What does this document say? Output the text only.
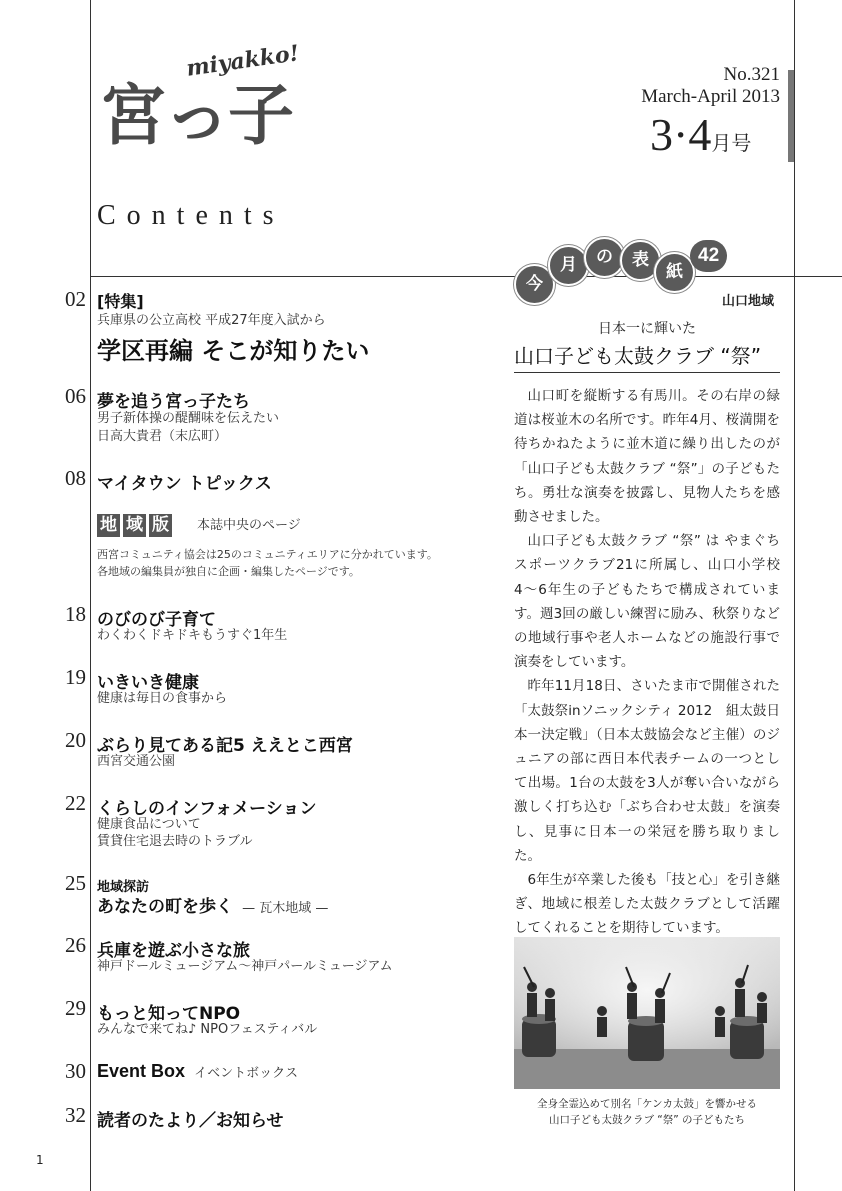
miyakko!
宮っ子
No.321
March-April 2013
3·4月号
Contents
02 [特集]
兵庫県の公立高校 平成27年度入試から
学区再編 そこが知りたい
06 夢を追う宮っ子たち
男子新体操の醍醐味を伝えたい
日高大貴君（末広町）
08 マイタウン トピックス
地 域 版	本誌中央のページ
西宮コミュニティ協会は25のコミュニティエリアに分かれています。
各地域の編集員が独自に企画・編集したページです。
18 のびのび子育て
わくわくドキドキもうすぐ1年生
19 いきいき健康
健康は毎日の食事から
20 ぶらり見てある記5 ええとこ西宮
西宮交通公園
22 くらしのインフォメーション
健康食品について
賃貸住宅退去時のトラブル
25 地域探訪
あなたの町を歩く — 瓦木地域 —
26 兵庫を遊ぶ小さな旅
神戸ドールミュージアム〜神戸パールミュージアム
29 もっと知ってNPO
みんなで来てね♪ NPOフェスティバル
30 Event Box イベントボックス
32 読者のたより／お知らせ
今
月	の	表
紙
42
山口地域
日本一に輝いた
山口子ども太鼓クラブ “祭”

山口町を縦断する有馬川。その右岸の緑道は桜並木の名所です。昨年4月、桜満開を待ちかねたように並木道に繰り出したのが「山口子ども太鼓クラブ “祭”」の子どもたち。勇壮な演奏を披露し、見物人たちを感動させました。

山口子ども太鼓クラブ “祭” は やまぐちスポーツクラブ21に所属し、山口小学校4〜6年生の子どもたちで構成されています。週3回の厳しい練習に励み、秋祭りなどの地域行事や老人ホームなどの施設行事で演奏をしています。

昨年11月18日、さいたま市で開催された「太鼓祭inソニックシティ 2012　組太鼓日本一決定戦」（日本太鼓協会など主催）のジュニアの部に西日本代表チームの一つとして出場。1台の太鼓を3人が奪い合いながら激しく打ち込む「ぶち合わせ太鼓」を演奏し、見事に日本一の栄冠を勝ち取りました。

6年生が卒業した後も「技と心」を引き継ぎ、地域に根差した太鼓クラブとして活躍してくれることを期待しています。

全身全霊込めて別名「ケンカ太鼓」を響かせる
山口子ども太鼓クラブ “祭” の子どもたち
1
